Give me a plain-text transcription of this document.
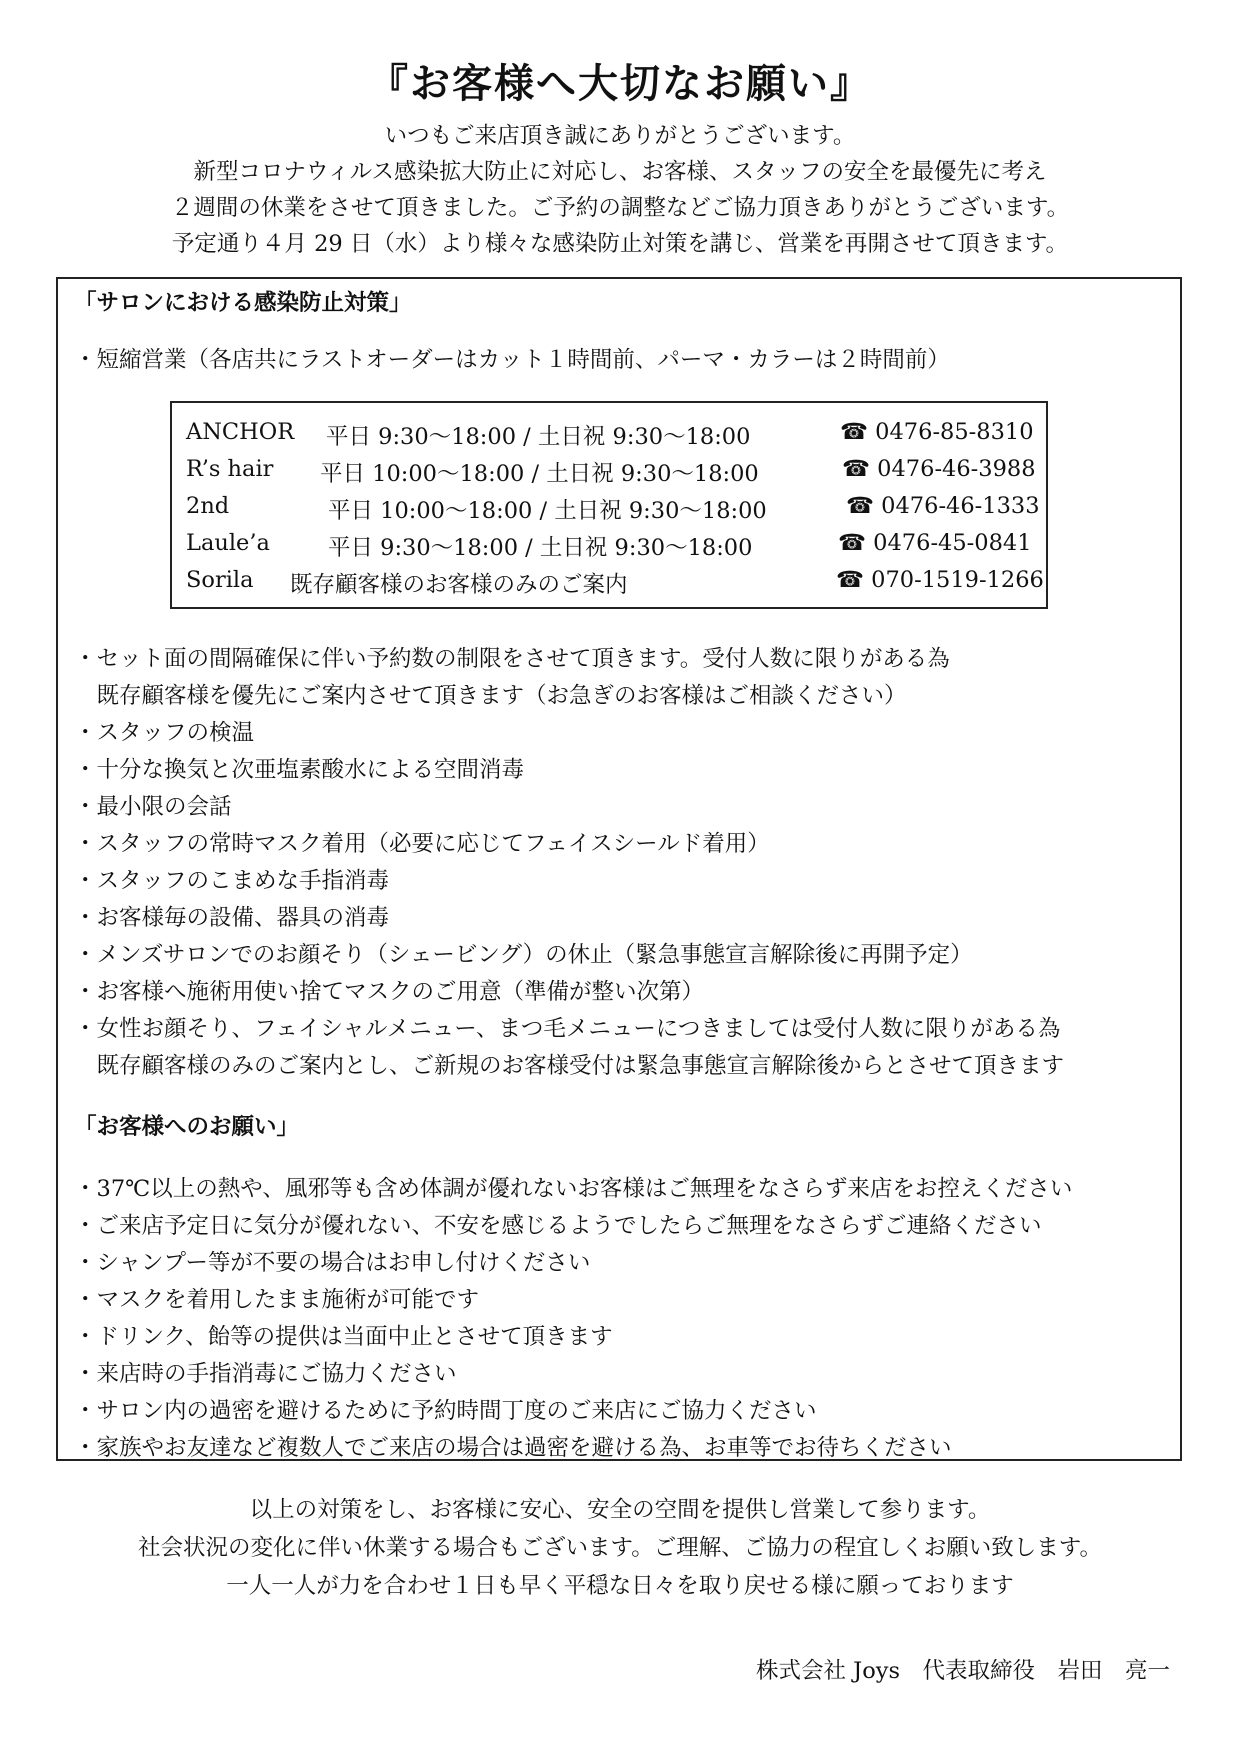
『お客様へ大切なお願い』
いつもご来店頂き誠にありがとうございます。
新型コロナウィルス感染拡大防止に対応し、お客様、スタッフの安全を最優先に考え
２週間の休業をさせて頂きました。ご予約の調整などご協力頂きありがとうございます。
予定通り４月 29 日（水）より様々な感染防止対策を講じ、営業を再開させて頂きます。
「サロンにおける感染防止対策」
・短縮営業（各店共にラストオーダーはカット１時間前、パーマ・カラーは２時間前）
ANCHOR 平日 9:30〜18:00 / 土日祝 9:30〜18:00	☎ 0476-85-8310
R’s hair 平日 10:00〜18:00 / 土日祝 9:30〜18:00	☎ 0476-46-3988
2nd	平日 10:00〜18:00 / 土日祝 9:30〜18:00	☎ 0476-46-1333
Laule’a	平日 9:30〜18:00 / 土日祝 9:30〜18:00	☎ 0476-45-0841
Sorila 既存顧客様のお客様のみのご案内	☎ 070-1519-1266
・セット面の間隔確保に伴い予約数の制限をさせて頂きます。受付人数に限りがある為
　既存顧客様を優先にご案内させて頂きます（お急ぎのお客様はご相談ください）
・スタッフの検温
・十分な換気と次亜塩素酸水による空間消毒
・最小限の会話
・スタッフの常時マスク着用（必要に応じてフェイスシールド着用）
・スタッフのこまめな手指消毒
・お客様毎の設備、器具の消毒
・メンズサロンでのお顔そり（シェービング）の休止（緊急事態宣言解除後に再開予定）
・お客様へ施術用使い捨てマスクのご用意（準備が整い次第）
・女性お顔そり、フェイシャルメニュー、まつ毛メニューにつきましては受付人数に限りがある為
　既存顧客様のみのご案内とし、ご新規のお客様受付は緊急事態宣言解除後からとさせて頂きます
「お客様へのお願い」
・37℃以上の熱や、風邪等も含め体調が優れないお客様はご無理をなさらず来店をお控えください
・ご来店予定日に気分が優れない、不安を感じるようでしたらご無理をなさらずご連絡ください
・シャンプー等が不要の場合はお申し付けください
・マスクを着用したまま施術が可能です
・ドリンク、飴等の提供は当面中止とさせて頂きます
・来店時の手指消毒にご協力ください
・サロン内の過密を避けるために予約時間丁度のご来店にご協力ください
・家族やお友達など複数人でご来店の場合は過密を避ける為、お車等でお待ちください
以上の対策をし、お客様に安心、安全の空間を提供し営業して参ります。
社会状況の変化に伴い休業する場合もございます。ご理解、ご協力の程宜しくお願い致します。
一人一人が力を合わせ１日も早く平穏な日々を取り戻せる様に願っております
株式会社 Joys　代表取締役　岩田　亮一
